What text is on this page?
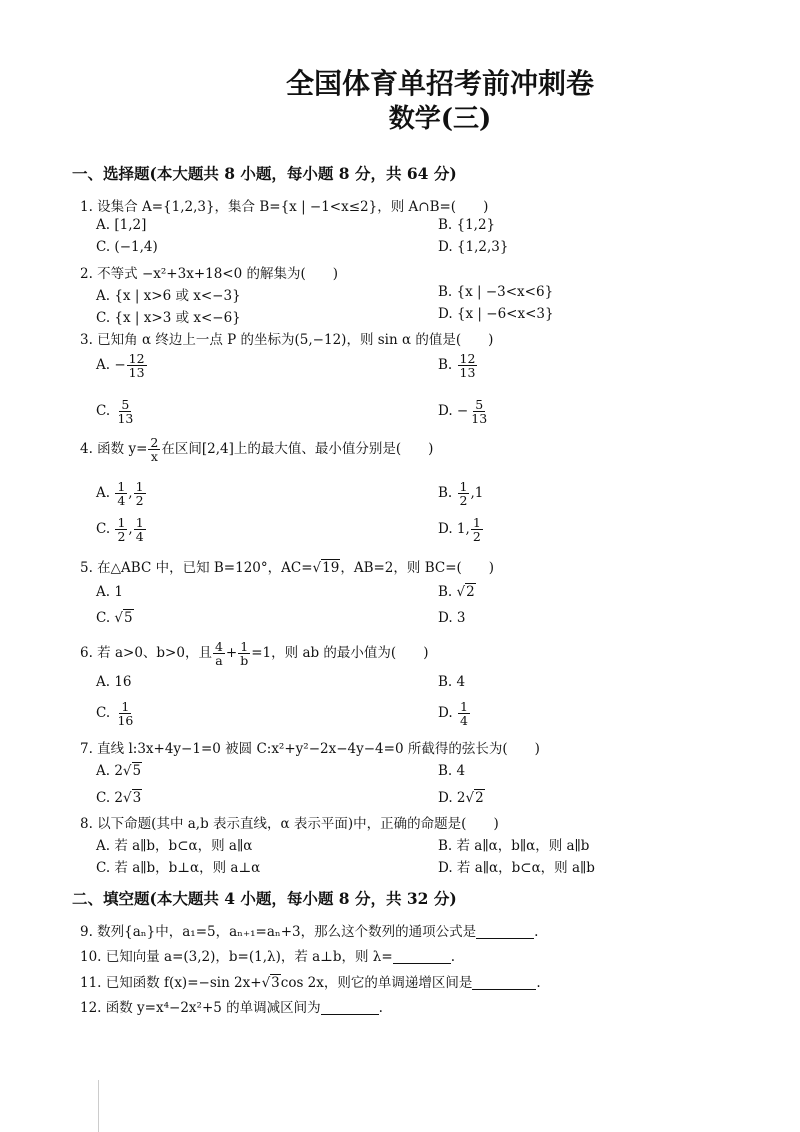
全国体育单招考前冲刺卷
数学(三)
一、选择题(本大题共 8 小题，每小题 8 分，共 64 分)
1. 设集合 A={1,2,3}，集合 B={x | −1<x≤2}，则 A∩B=(　　)
A. [1,2]	B. {1,2}
C. (−1,4)	D. {1,2,3}
2. 不等式 −x²+3x+18<0 的解集为(　　)
A. {x | x>6 或 x<−3}	B. {x | −3<x<6}
C. {x | x>3 或 x<−6}	D. {x | −6<x<3}
3. 已知角 α 终边上一点 P 的坐标为(5,−12)，则 sin α 的值是(　　)
A. − $\frac{12}{13}$	B. $\frac{12}{13}$
C. $\frac{5}{13}$	D. − $\frac{5}{13}$
4. 函数 $y= \frac{2}{x}$ 在区间[2,4]上的最大值、最小值分别是(　　)
A. $\frac{1}{4}$ , $\frac{1}{2}$	B. $\frac{1}{2} ,1$
C. $\frac{1}{2}$ , $\frac{1}{4}$	D. 1, $\frac{1}{2}$
5. 在△ABC 中，已知 B=120°，AC=√19，AB=2，则 BC=(　　)
A. 1	B. √2
C. √5	D. 3
6. 若 a>0、b>0，且 $\frac{4}{a} + \frac{1}{b} =1$，则 ab 的最小值为(　　)
A. 16	B. 4
C. $\frac{1}{16}$	D. $\frac{1}{4}$
7. 直线 l:3x+4y−1=0 被圆 C:x²+y²−2x−4y−4=0 所截得的弦长为(　　)
A. 2√5	B. 4
C. 2√3	D. 2√2
8. 以下命题(其中 a,b 表示直线，α 表示平面)中，正确的命题是(　　)
A. 若 a∥b，b⊂α，则 a∥α	B. 若 a∥α，b∥α，则 a∥b
C. 若 a∥b，b⊥α，则 a⊥α	D. 若 a∥α，b⊂α，则 a∥b
二、填空题(本大题共 4 小题，每小题 8 分，共 32 分)
9. 数列{aₙ}中，a₁=5，aₙ₊₁=aₙ+3，那么这个数列的通项公式是	.
10. 已知向量 a=(3,2)，b=(1,λ)，若 a⊥b，则 λ=	.
11. 已知函数 f(x)=−sin 2x+√3cos 2x，则它的单调递增区间是	.
12. 函数 y=x⁴−2x²+5 的单调减区间为	.
